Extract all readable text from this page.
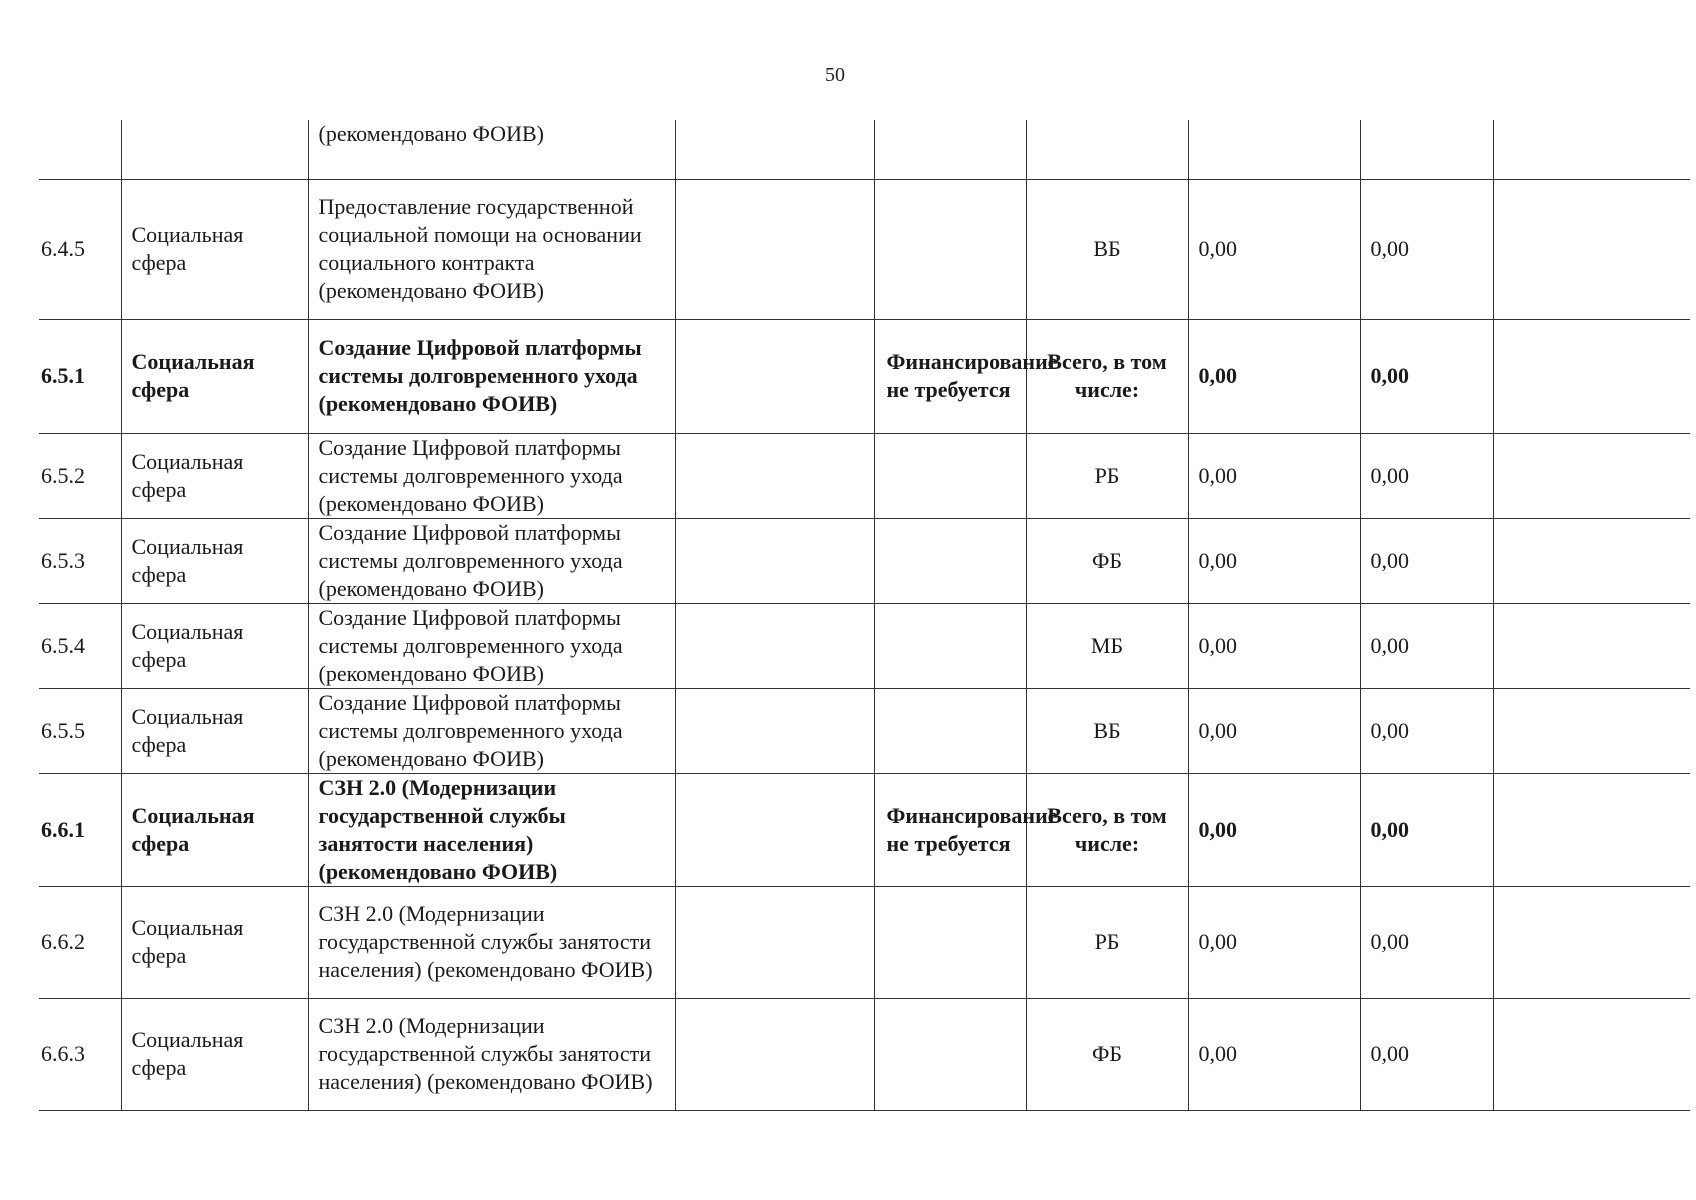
50
		(рекомендовано ФОИВ)						
6.4.5	Социальная сфера	Предоставление государственной социальной помощи на основании социального контракта (рекомендовано ФОИВ)			ВБ	0,00	0,00	
6.5.1	Социальная сфера	Создание Цифровой платформы системы долговременного ухода (рекомендовано ФОИВ)		Финансирование не требуется	Всего, в том числе:	0,00	0,00	
6.5.2	Социальная сфера	Создание Цифровой платформы системы долговременного ухода (рекомендовано ФОИВ)			РБ	0,00	0,00	
6.5.3	Социальная сфера	Создание Цифровой платформы системы долговременного ухода (рекомендовано ФОИВ)			ФБ	0,00	0,00	
6.5.4	Социальная сфера	Создание Цифровой платформы системы долговременного ухода (рекомендовано ФОИВ)			МБ	0,00	0,00	
6.5.5	Социальная сфера	Создание Цифровой платформы системы долговременного ухода (рекомендовано ФОИВ)			ВБ	0,00	0,00	
6.6.1	Социальная сфера	СЗН 2.0 (Модернизации государственной службы занятости населения) (рекомендовано ФОИВ)		Финансирование не требуется	Всего, в том числе:	0,00	0,00	
6.6.2	Социальная сфера	СЗН 2.0 (Модернизации государственной службы занятости населения) (рекомендовано ФОИВ)			РБ	0,00	0,00	
6.6.3	Социальная сфера	СЗН 2.0 (Модернизации государственной службы занятости населения) (рекомендовано ФОИВ)			ФБ	0,00	0,00	
